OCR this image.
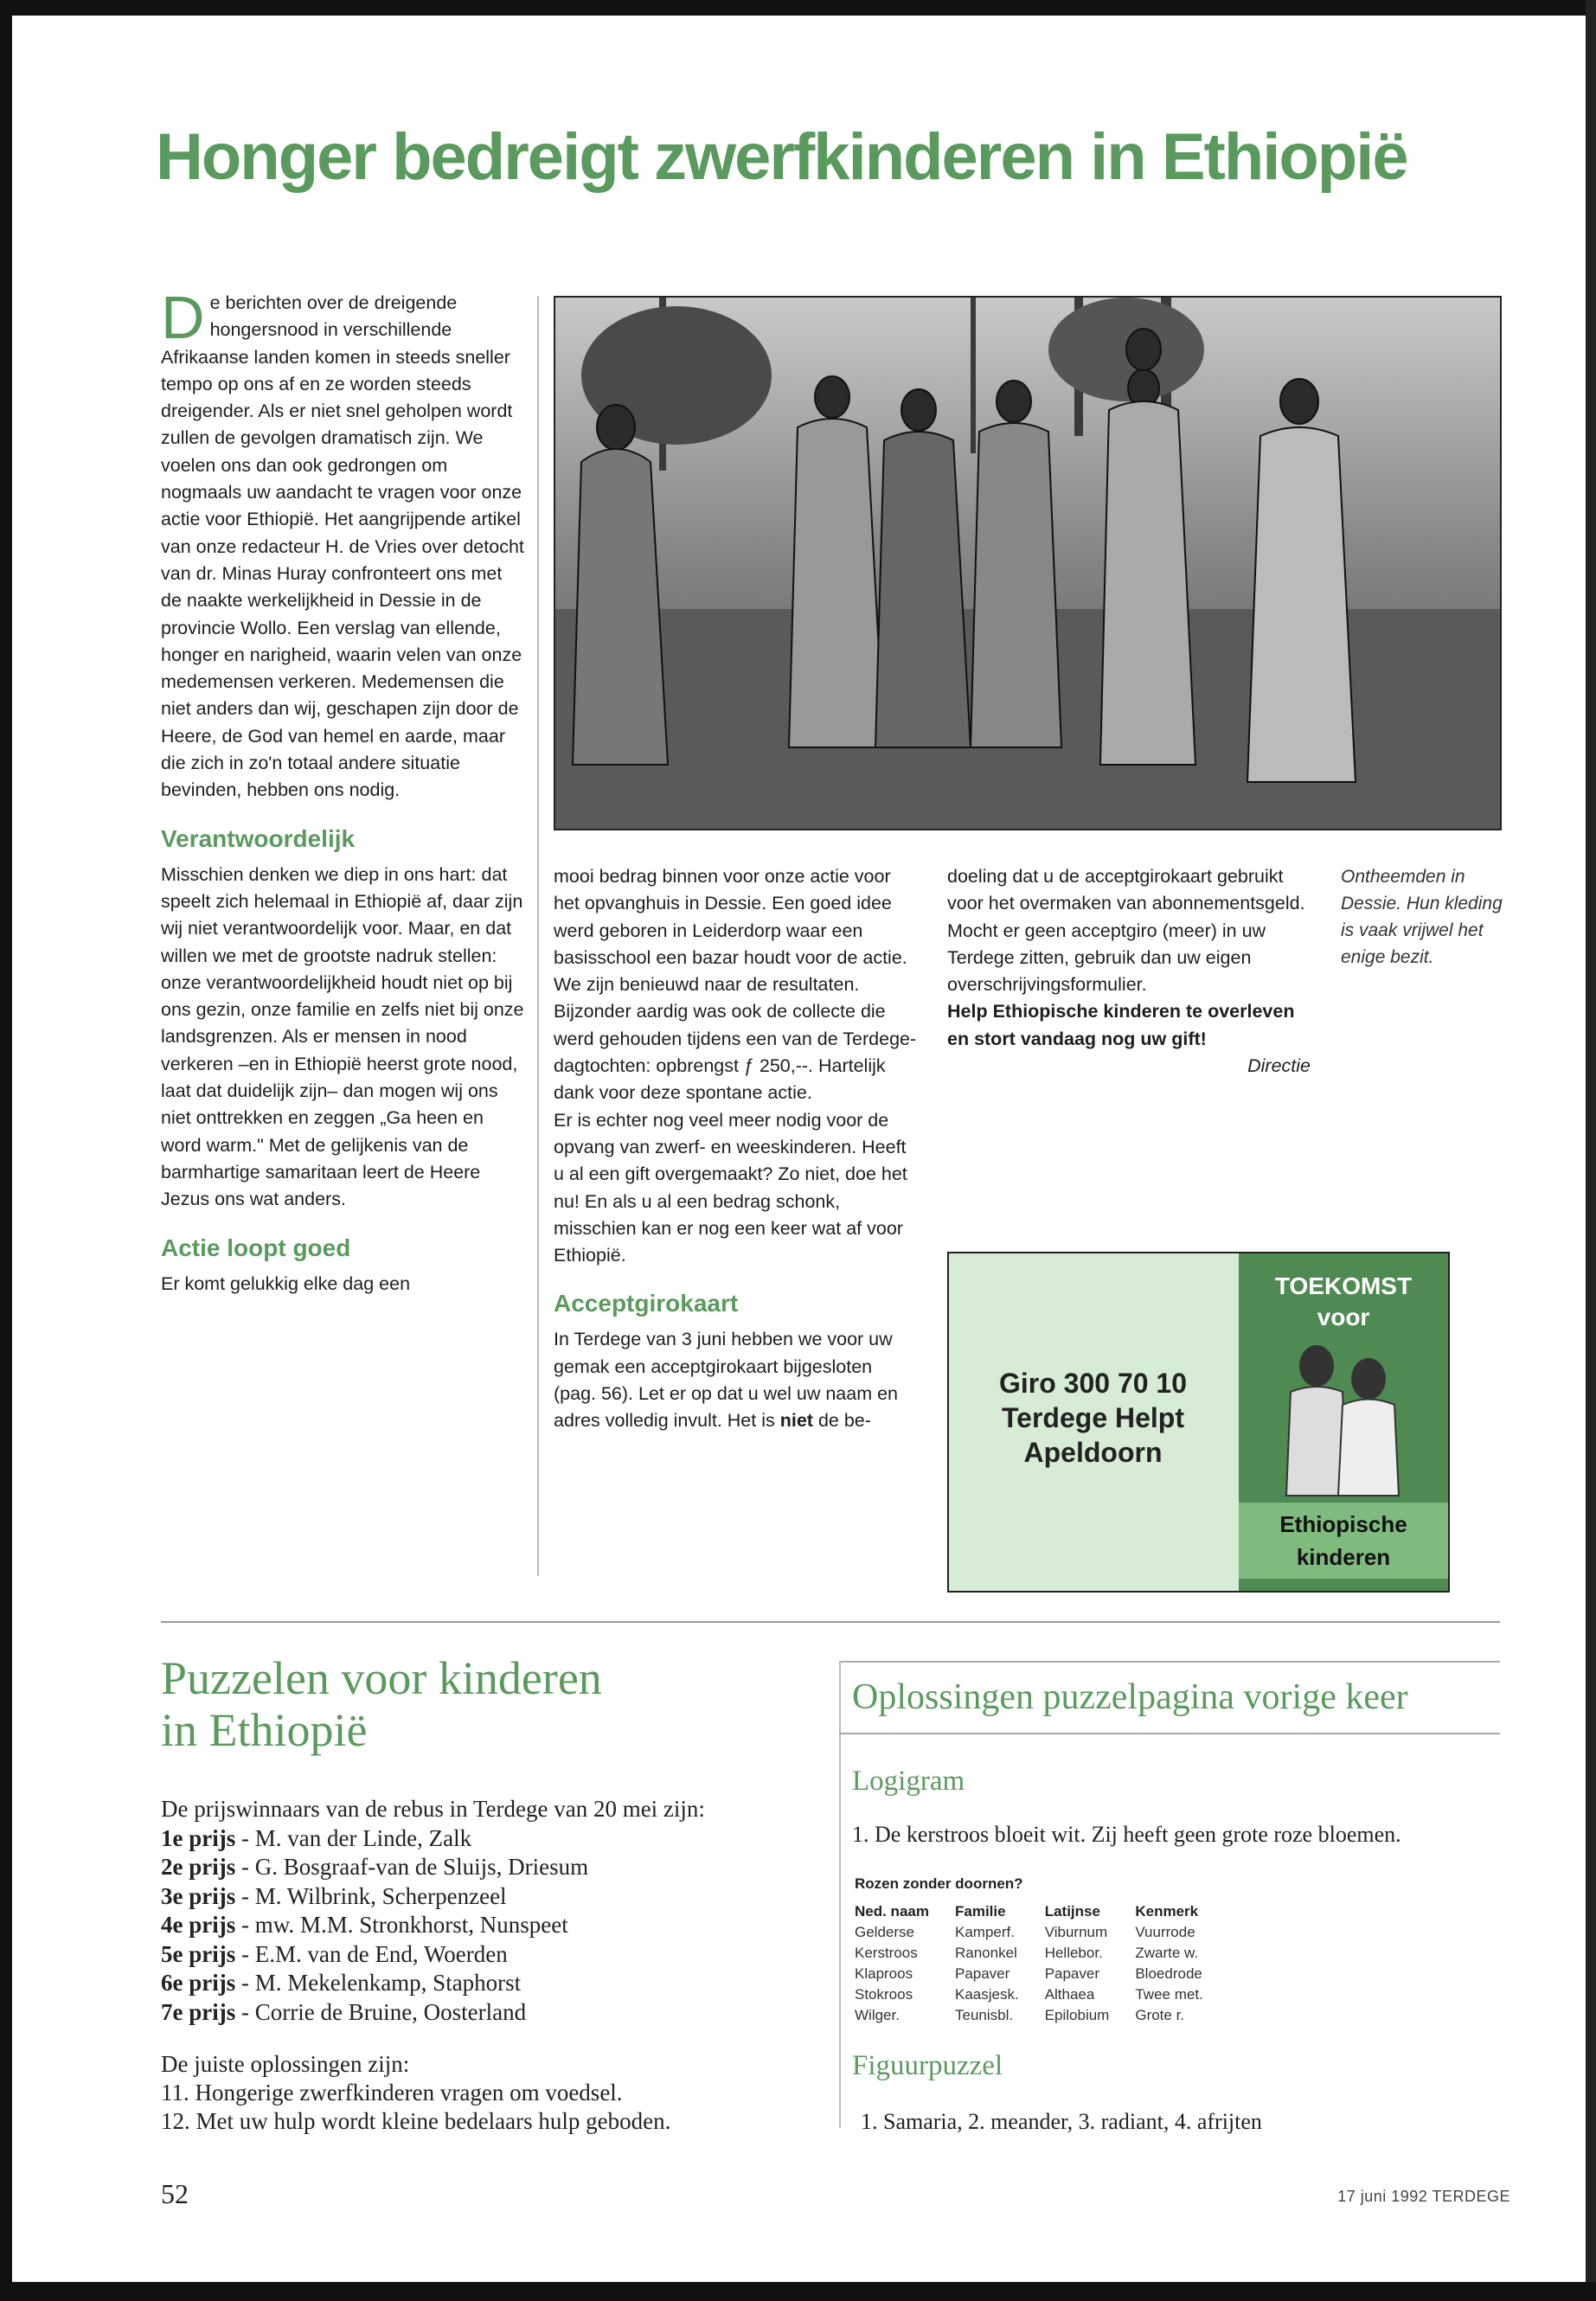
Honger bedreigt zwerfkinderen in Ethiopië

De berichten over de dreigende hongersnood in verschillende Afrikaanse landen komen in steeds sneller tempo op ons af en ze worden steeds dreigender. Als er niet snel geholpen wordt zullen de gevolgen dramatisch zijn. We voelen ons dan ook gedrongen om nogmaals uw aandacht te vragen voor onze actie voor Ethiopië. Het aangrijpende artikel van onze redacteur H. de Vries over detocht van dr. Minas Huray confronteert ons met de naakte werkelijkheid in Dessie in de provincie Wollo. Een verslag van ellende, honger en narigheid, waarin velen van onze medemensen verkeren. Medemensen die niet anders dan wij, geschapen zijn door de Heere, de God van hemel en aarde, maar die zich in zo'n totaal andere situatie bevinden, hebben ons nodig.

Verantwoordelijk

Misschien denken we diep in ons hart: dat speelt zich helemaal in Ethiopië af, daar zijn wij niet verantwoordelijk voor. Maar, en dat willen we met de grootste nadruk stellen: onze verantwoordelijkheid houdt niet op bij ons gezin, onze familie en zelfs niet bij onze landsgrenzen. Als er mensen in nood verkeren –en in Ethiopië heerst grote nood, laat dat duidelijk zijn– dan mogen wij ons niet onttrekken en zeggen „Ga heen en word warm." Met de gelijkenis van de barmhartige samaritaan leert de Heere Jezus ons wat anders.

Actie loopt goed

Er komt gelukkig elke dag een

mooi bedrag binnen voor onze actie voor het opvanghuis in Dessie. Een goed idee werd geboren in Leiderdorp waar een basisschool een bazar houdt voor de actie. We zijn benieuwd naar de resultaten. Bijzonder aardig was ook de collecte die werd gehouden tijdens een van de Terdege-dagtochten: opbrengst ƒ 250,--. Hartelijk dank voor deze spontane actie.

Er is echter nog veel meer nodig voor de opvang van zwerf- en weeskinderen. Heeft u al een gift overgemaakt? Zo niet, doe het nu! En als u al een bedrag schonk, misschien kan er nog een keer wat af voor Ethiopië.

Acceptgirokaart

In Terdege van 3 juni hebben we voor uw gemak een acceptgirokaart bijgesloten (pag. 56). Let er op dat u wel uw naam en adres volledig invult. Het is niet de be-

doeling dat u de acceptgirokaart gebruikt voor het overmaken van abonnementsgeld. Mocht er geen acceptgiro (meer) in uw Terdege zitten, gebruik dan uw eigen overschrijvingsformulier.

Help Ethiopische kinderen te overleven en stort vandaag nog uw gift!

Directie

Ontheemden in Dessie. Hun kleding is vaak vrijwel het enige bezit.
Giro 300 70 10
Terdege Helpt
Apeldoorn
TOEKOMST
voor
Ethiopische
kinderen
Puzzelen voor kinderen
in Ethiopië
De prijswinnaars van de rebus in Terdege van 20 mei zijn:
1e prijs - M. van der Linde, Zalk
2e prijs - G. Bosgraaf-van de Sluijs, Driesum
3e prijs - M. Wilbrink, Scherpenzeel
4e prijs - mw. M.M. Stronkhorst, Nunspeet
5e prijs - E.M. van de End, Woerden
6e prijs - M. Mekelenkamp, Staphorst
7e prijs - Corrie de Bruine, Oosterland
De juiste oplossingen zijn:
11. Hongerige zwerfkinderen vragen om voedsel.
12. Met uw hulp wordt kleine bedelaars hulp geboden.
Oplossingen puzzelpagina vorige keer
Logigram
1. De kerstroos bloeit wit. Zij heeft geen grote roze bloemen.
Rozen zonder doornen?
Ned. naam	Familie	Latijnse	Kenmerk
Gelderse	Kamperf.	Viburnum	Vuurrode
Kerstroos	Ranonkel	Hellebor.	Zwarte w.
Klaproos	Papaver	Papaver	Bloedrode
Stokroos	Kaasjesk.	Althaea	Twee met.
Wilger.	Teunisbl.	Epilobium	Grote r.
Figuurpuzzel
1. Samaria, 2. meander, 3. radiant, 4. afrijten
52	17 juni 1992 TERDEGE
